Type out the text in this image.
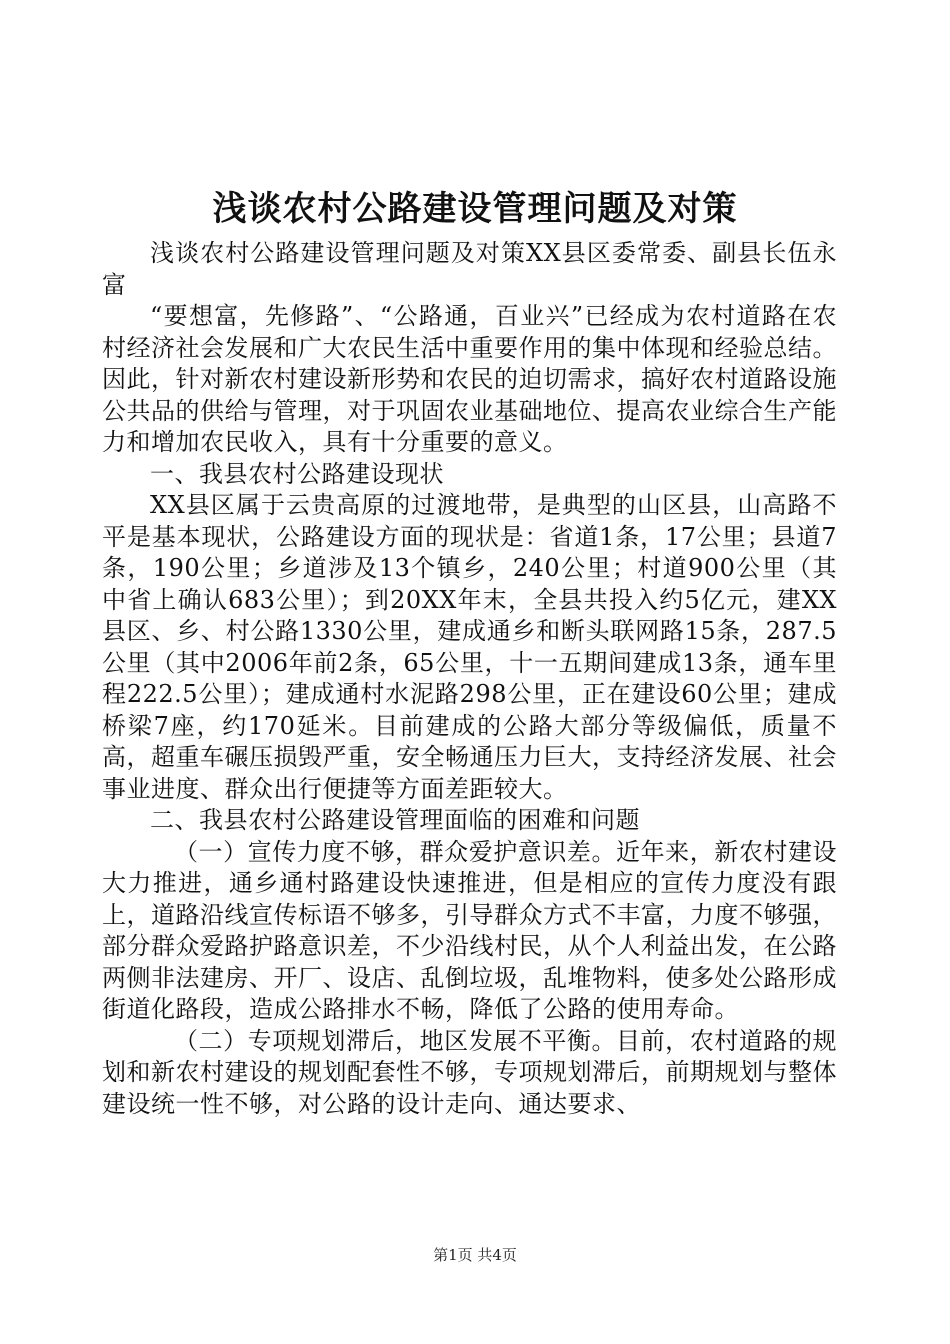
浅谈农村公路建设管理问题及对策

浅谈农村公路建设管理问题及对策XX县区委常委、副县长伍永富

“要想富，先修路”、“公路通，百业兴”已经成为农村道路在农村经济社会发展和广大农民生活中重要作用的集中体现和经验总结。因此，针对新农村建设新形势和农民的迫切需求，搞好农村道路设施公共品的供给与管理，对于巩固农业基础地位、提高农业综合生产能力和增加农民收入，具有十分重要的意义。

一、我县农村公路建设现状

XX县区属于云贵高原的过渡地带，是典型的山区县，山高路不平是基本现状，公路建设方面的现状是：省道1条，17公里；县道7条，190公里；乡道涉及13个镇乡，240公里；村道900公里（其中省上确认683公里）；到20XX年末，全县共投入约5亿元，建XX县区、乡、村公路1330公里，建成通乡和断头联网路15条，287.5公里（其中2006年前2条，65公里，十一五期间建成13条，通车里程222.5公里）；建成通村水泥路298公里，正在建设60公里；建成桥梁7座，约170延米。目前建成的公路大部分等级偏低，质量不高，超重车碾压损毁严重，安全畅通压力巨大，支持经济发展、社会事业进度、群众出行便捷等方面差距较大。

二、我县农村公路建设管理面临的困难和问题

（一）宣传力度不够，群众爱护意识差。近年来，新农村建设大力推进，通乡通村路建设快速推进，但是相应的宣传力度没有跟上，道路沿线宣传标语不够多，引导群众方式不丰富，力度不够强，部分群众爱路护路意识差，不少沿线村民，从个人利益出发，在公路两侧非法建房、开厂、设店、乱倒垃圾，乱堆物料，使多处公路形成街道化路段，造成公路排水不畅，降低了公路的使用寿命。

（二）专项规划滞后，地区发展不平衡。目前，农村道路的规划和新农村建设的规划配套性不够，专项规划滞后，前期规划与整体建设统一性不够，对公路的设计走向、通达要求、

第1页 共4页
